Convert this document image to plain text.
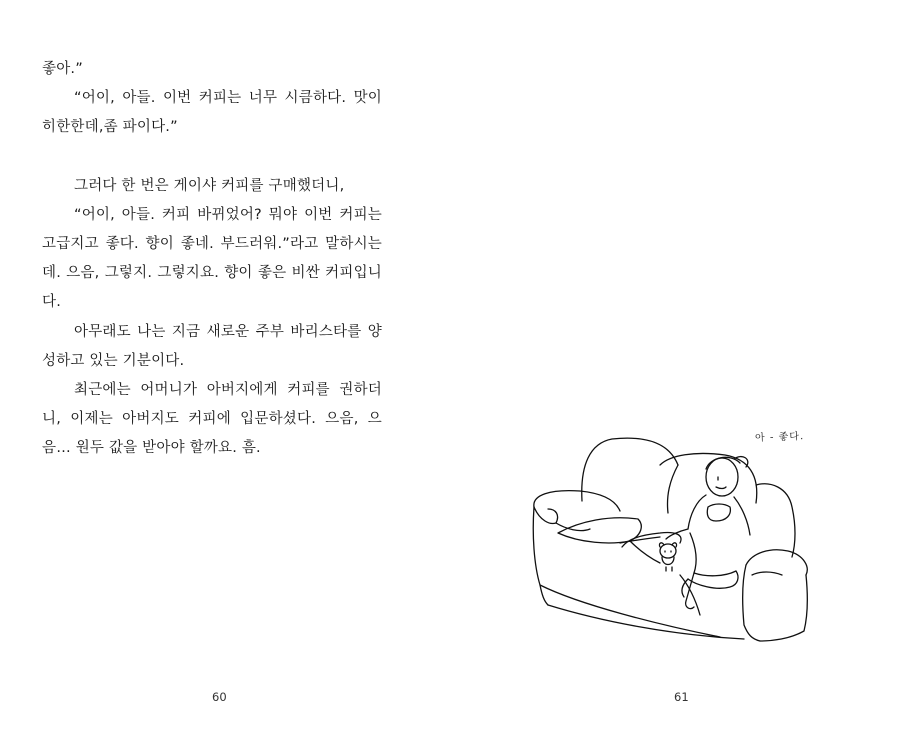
좋아.”

“어이, 아들. 이번 커피는 너무 시큼하다. 맛이 히한한데,좀 파이다.”

그러다 한 번은 게이샤 커피를 구매했더니,

“어이, 아들. 커피 바뀌었어? 뭐야 이번 커피는 고급지고 좋다. 향이 좋네. 부드러워.”라고 말하시는데. 으음, 그렇지. 그렇지요. 향이 좋은 비싼 커피입니다.

아무래도 나는 지금 새로운 주부 바리스타를 양성하고 있는 기분이다.

최근에는 어머니가 아버지에게 커피를 권하더니, 이제는 아버지도 커피에 입문하셨다. 으음, 으음… 원두 값을 받아야 할까요. 흠.

60
아 - 좋다.
61
